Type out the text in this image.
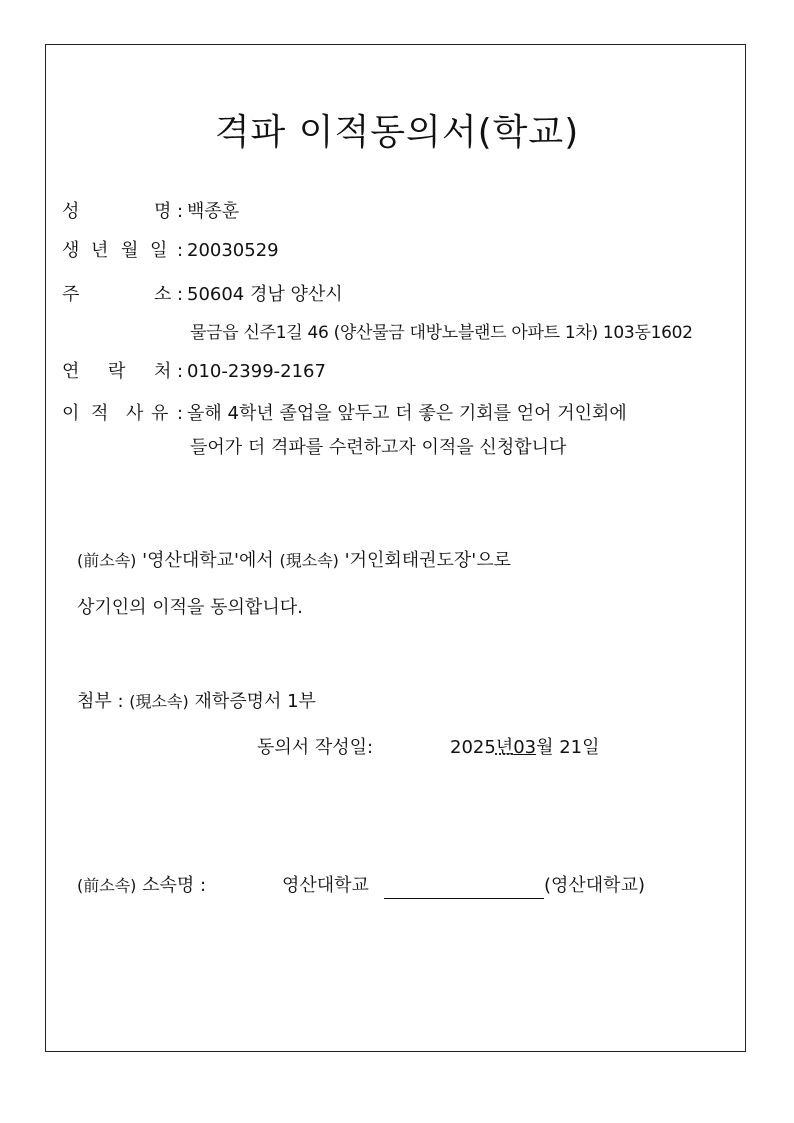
격파 이적동의서(학교)
성	명 : 백종훈
생 년 월 일 : 20030529
주	소 : 50604 경남 양산시
물금읍 신주1길 46 (양산물금 대방노블랜드 아파트 1차) 103동1602
연 락 처 : 010-2399-2167
이 적 사 유 : 올해 4학년 졸업을 앞두고 더 좋은 기회를 얻어 거인회에
들어가 더 격파를 수련하고자 이적을 신청합니다
(前소속) '영산대학교'에서 (現소속) '거인회태권도장'으로
상기인의 이적을 동의합니다.
첨부 : (現소속) 재학증명서 1부
동의서 작성일:	2025년03월 21일
(前소속) 소속명 :	영산대학교	(영산대학교)
